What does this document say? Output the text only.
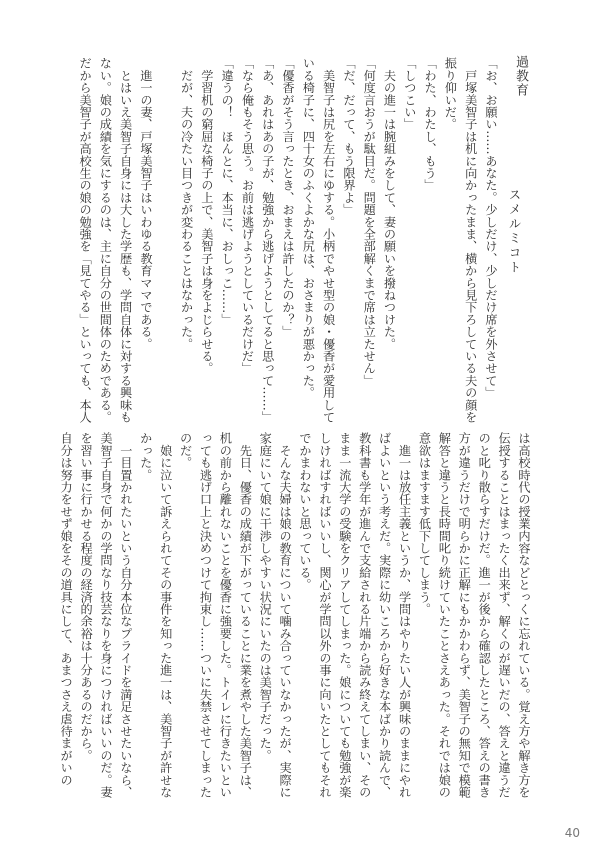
過教育
スメルミコト
「お、お願い……あなた。少しだけ、少しだけ席を外させて」
　戸塚美智子は机に向かったまま、横から見下ろしている夫の顔を
振り仰いだ。
「わた、わたし、もう」
「しつこい」
　夫の進一は腕組みをして、妻の願いを撥ねつけた。
「何度言おうが駄目だ。問題を全部解くまで席は立たせん」
「だ、だって、もう限界よ」
　美智子は尻を左右にゆする。小柄でやせ型の娘・優香が愛用して
いる椅子に、四十女のふくよかな尻は、おさまりが悪かった。
「優香がそう言ったとき、おまえは許したのか？」
「あ、あれはあの子が、勉強から逃げようとしてると思って……」
「なら俺もそう思う。お前は逃げようとしているだけだ」
「違うの！　ほんとに、本当に、おしっこ……」
　学習机の窮屈な椅子の上で、美智子は身をよじらせる。
　だが、夫の冷たい目つきが変わることはなかった。
　進一の妻、戸塚美智子はいわゆる教育ママである。
　とはいえ美智子自身には大した学歴も、学問自体に対する興味も
ない。娘の成績を気にするのは、主に自分の世間体のためである。
だから美智子が高校生の娘の勉強を「見てやる」といっても、本人
は高校時代の授業内容などとっくに忘れている。覚え方や解き方を
伝授することはまったく出来ず、解くのが遅いだの、答えと違うだ
のと叱り散らすだけだ。進一が後から確認したところ、答えの書き
方が違うだけで明らかに正解にもかかわらず、美智子の無知で模範
解答と違うと長時間叱り続けていたことさえあった。それでは娘の
意欲はますます低下してしまう。
　進一は放任主義というか、学問はやりたい人が興味のままにやれ
ばよいという考えだ。実際に幼いころから好きな本ばかり読んで、
教科書も学年が進んで支給される片端から読み終えてしまい、その
まま一流大学の受験をクリアしてしまった。娘についても勉強が楽
しければすればいいし、関心が学問以外の事に向いたとしてもそれ
でかまわないと思っている。
　そんな夫婦は娘の教育について噛み合っていなかったが、実際に
家庭にいて娘に干渉しやすい状況にいたのは美智子だった。
　先日、優香の成績が下がっていることに業を煮やした美智子は、
机の前から離れないことを優香に強要した。トイレに行きたいとい
っても逃げ口上と決めつけて拘束し……ついに失禁させてしまった
のだ。
　娘に泣いて訴えられてその事件を知った進一は、美智子が許せな
かった。
　一目置かれたいという自分本位なプライドを満足させたいなら、
美智子自身で何かの学問なり技芸なりを身につければいいのだ。妻
を習い事に行かせる程度の経済的余裕は十分あるのだから。
自分は努力をせず娘をその道具にして、あまつさえ虐待まがいの
40
